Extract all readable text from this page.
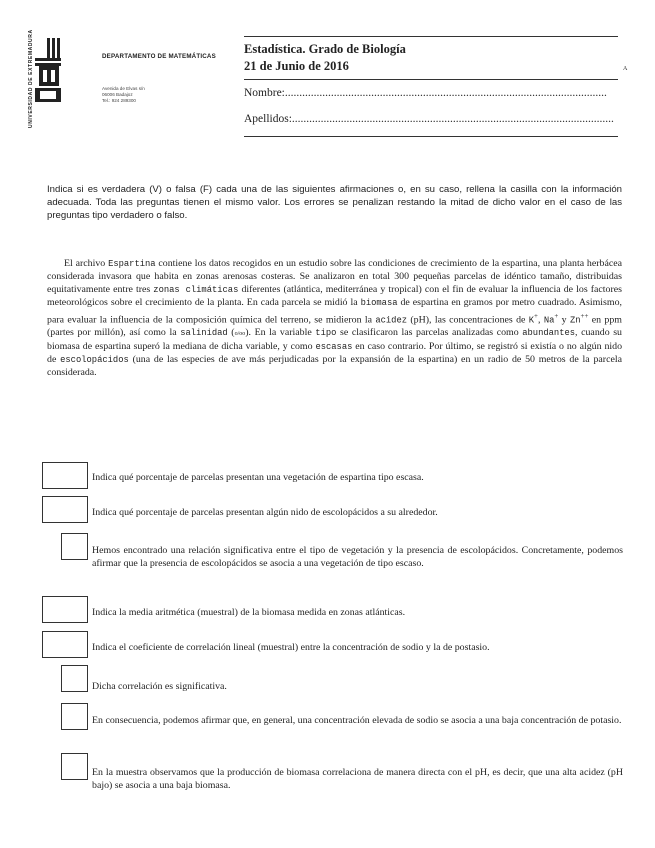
UNIVERSIDAD DE EXTREMADURA	DEPARTAMENTO DE MATEMÁTICAS
Avenida de Elvas s/n
06006 Badajoz
Tel.: 924 289300
Estadística. Grado de Biología
21 de Junio de 2016	A
Nombre:................................................................................................................
Apellidos:................................................................................................................
Indica si es verdadera (V) o falsa (F) cada una de las siguientes afirmaciones o, en su caso, rellena la casilla con la información adecuada. Toda las preguntas tienen el mismo valor. Los errores se penalizan restando la mitad de dicho valor en el caso de las preguntas tipo verdadero o falso.
El archivo Espartina contiene los datos recogidos en un estudio sobre las condiciones de crecimiento de la espartina, una planta herbácea considerada invasora que habita en zonas arenosas costeras. Se analizaron en total 300 pequeñas parcelas de idéntico tamaño, distribuidas equitativamente entre tres zonas climáticas diferentes (atlántica, mediterránea y tropical) con el fin de evaluar la influencia de los factores meteorológicos sobre el crecimiento de la planta. En cada parcela se midió la biomasa de espartina en gramos por metro cuadrado. Asimismo, para evaluar la influencia de la composición química del terreno, se midieron la acidez (pH), las concentraciones de K+, Na+ y Zn++ en ppm (partes por millón), así como la salinidad (o/oo). En la variable tipo se clasificaron las parcelas analizadas como abundantes, cuando su biomasa de espartina superó la mediana de dicha variable, y como escasas en caso contrario. Por último, se registró si existía o no algún nido de escolopácidos (una de las especies de ave más perjudicadas por la expansión de la espartina) en un radio de 50 metros de la parcela considerada.
Indica qué porcentaje de parcelas presentan una vegetación de espartina tipo escasa.
Indica qué porcentaje de parcelas presentan algún nido de escolopácidos a su alrededor.
Hemos encontrado una relación significativa entre el tipo de vegetación y la presencia de escolopácidos. Concretamente, podemos afirmar que la presencia de escolopácidos se asocia a una vegetación de tipo escaso.
Indica la media aritmética (muestral) de la biomasa medida en zonas atlánticas.
Indica el coeficiente de correlación lineal (muestral) entre la concentración de sodio y la de postasio.
Dicha correlación es significativa.
En consecuencia, podemos afirmar que, en general, una concentración elevada de sodio se asocia a una baja concentración de potasio.
En la muestra observamos que la producción de biomasa correlaciona de manera directa con el pH, es decir, que una alta acidez (pH bajo) se asocia a una baja biomasa.
